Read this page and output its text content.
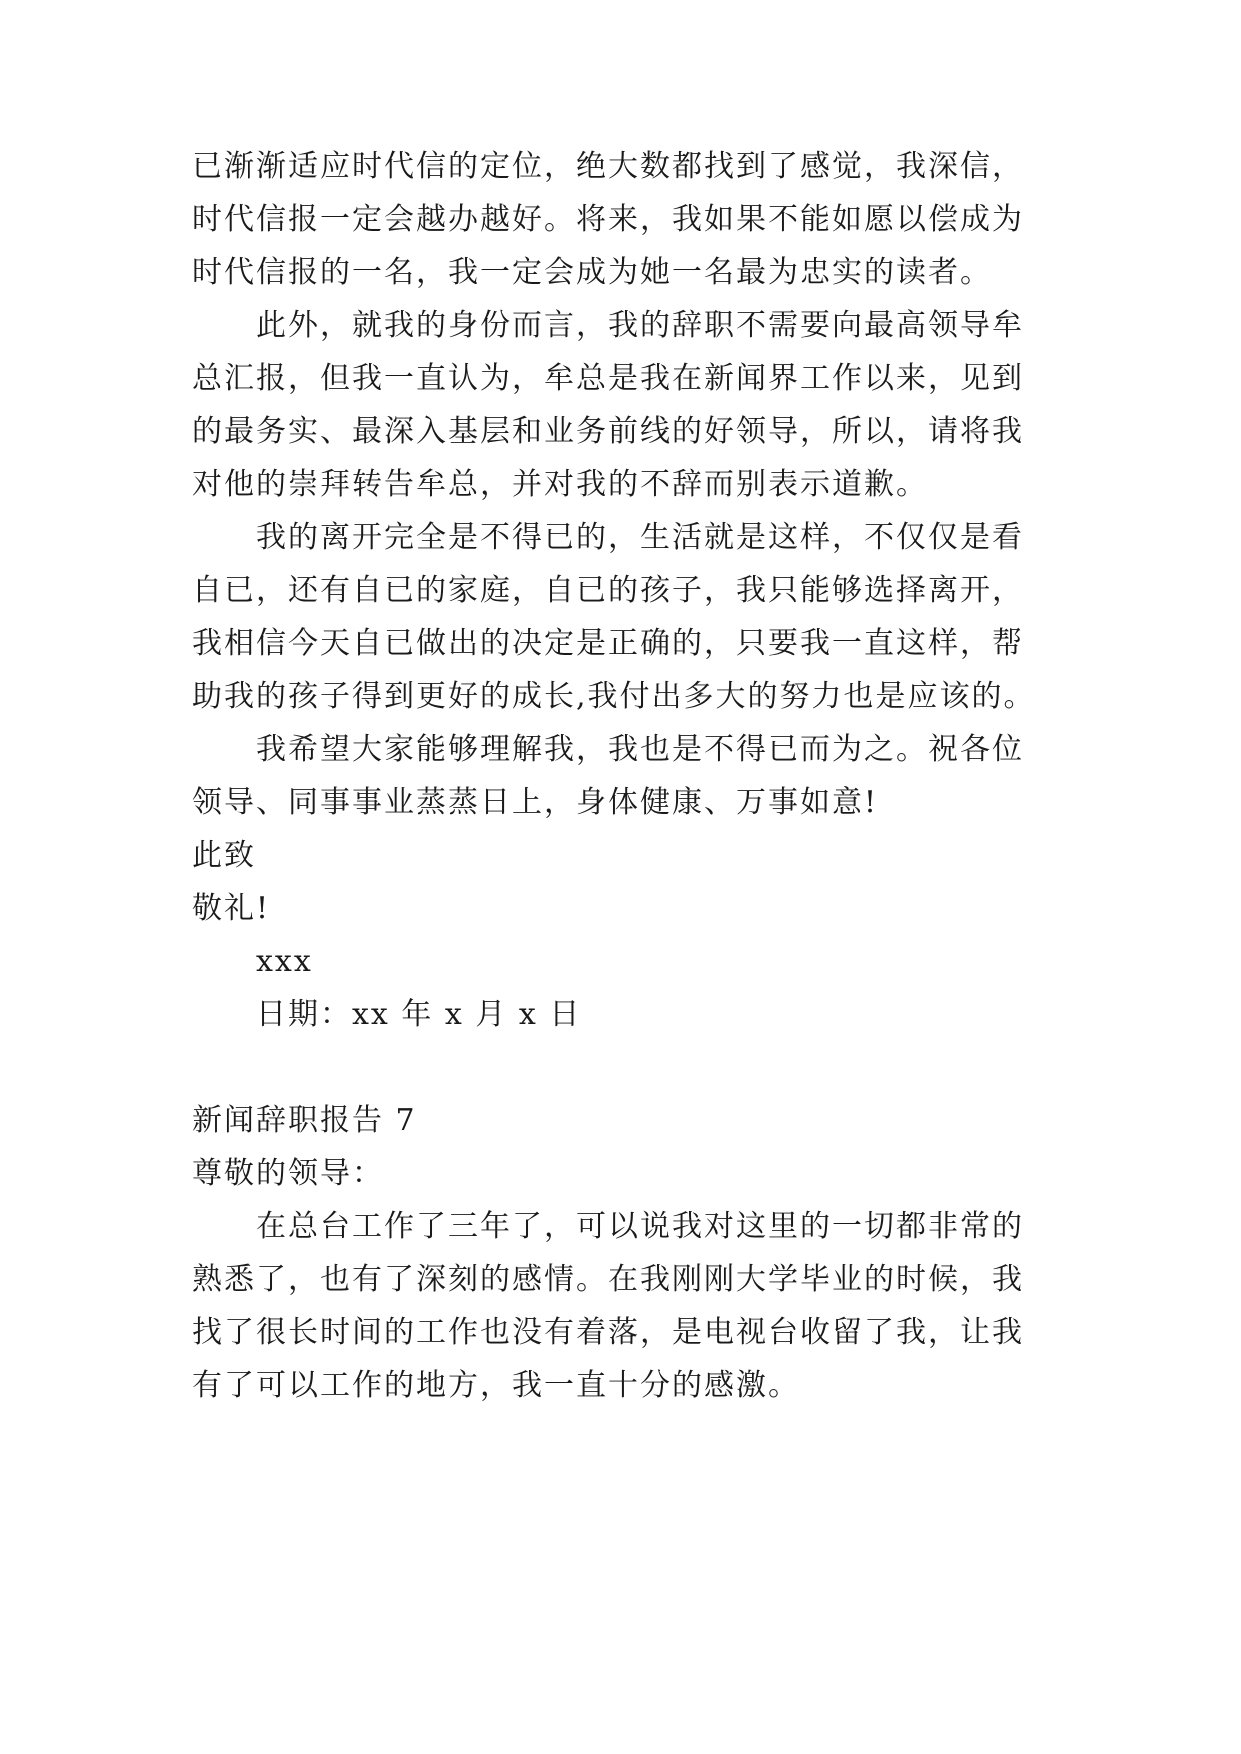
已渐渐适应时代信的定位，绝大数都找到了感觉，我深信，
时代信报一定会越办越好。将来，我如果不能如愿以偿成为
时代信报的一名，我一定会成为她一名最为忠实的读者。
此外，就我的身份而言，我的辞职不需要向最高领导牟
总汇报，但我一直认为，牟总是我在新闻界工作以来，见到
的最务实、最深入基层和业务前线的好领导，所以，请将我
对他的崇拜转告牟总，并对我的不辞而别表示道歉。
我的离开完全是不得已的，生活就是这样，不仅仅是看
自已，还有自已的家庭，自已的孩子，我只能够选择离开，
我相信今天自已做出的决定是正确的，只要我一直这样，帮
助我的孩子得到更好的成长,我付出多大的努力也是应该的。
我希望大家能够理解我，我也是不得已而为之。祝各位
领导、同事事业蒸蒸日上，身体健康、万事如意!
此致
敬礼!
xxx
日期：xx 年 x 月 x 日
新闻辞职报告 7
尊敬的领导：
在总台工作了三年了，可以说我对这里的一切都非常的
熟悉了，也有了深刻的感情。在我刚刚大学毕业的时候，我
找了很长时间的工作也没有着落，是电视台收留了我，让我
有了可以工作的地方，我一直十分的感激。
